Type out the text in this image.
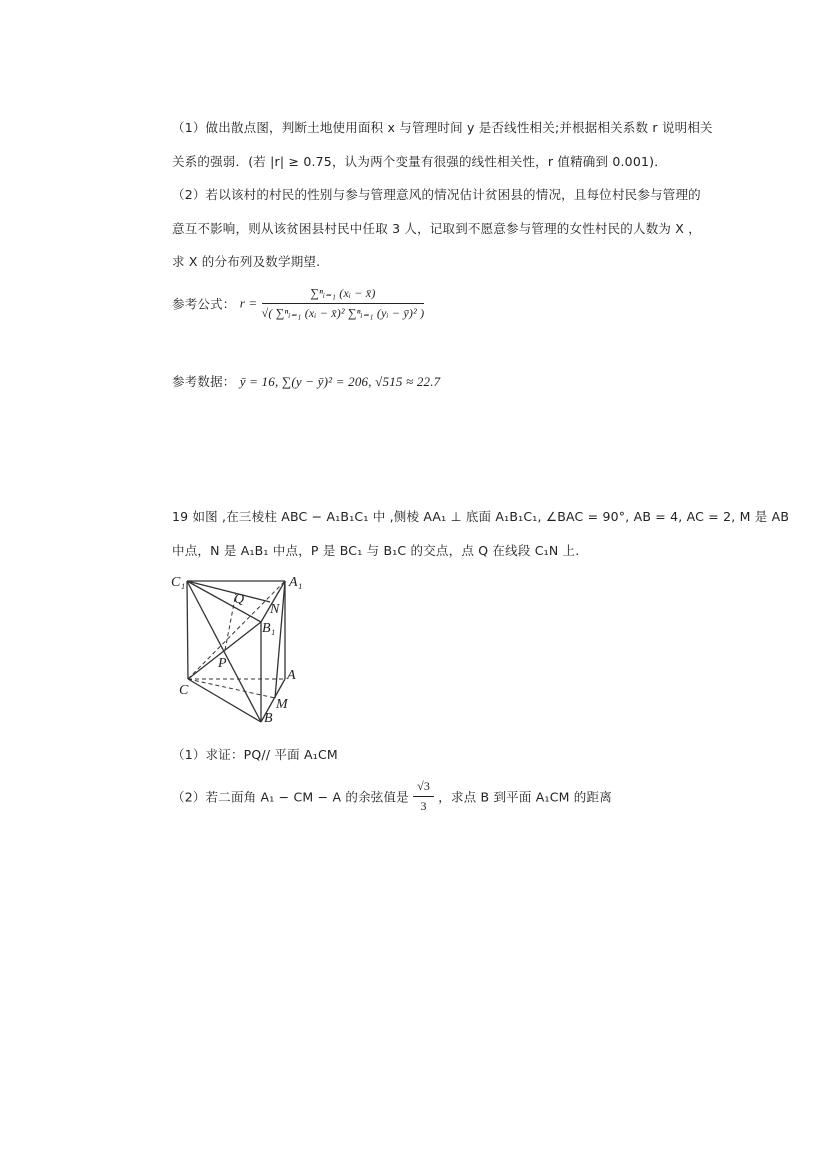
（1）做出散点图，判断土地使用面积 x 与管理时间 y 是否线性相关;并根据相关系数 r 说明相关
关系的强弱．(若 |r| ≥ 0.75，认为两个变量有很强的线性相关性，r 值精确到 0.001)．
（2）若以该村的村民的性别与参与管理意风的情况估计贫困县的情况，且每位村民参与管理的
意互不影响，则从该贫困县村民中任取 3 人，记取到不愿意参与管理的女性村民的人数为 X ，
求 X 的分布列及数学期望.
参考公式： $r = \frac{\text{∑ⁿᵢ₌₁ (xᵢ − x̄)}}{\text{√( ∑ⁿᵢ₌₁ (xᵢ − x̄)² ∑ⁿᵢ₌₁ (yᵢ − ȳ)² )}}$
参考数据： ȳ = 16, ∑(y − ȳ)² = 206, √515 ≈ 22.7
19 如图 ,在三棱柱 ABC − A₁B₁C₁ 中 ,侧棱 AA₁ ⊥ 底面 A₁B₁C₁, ∠BAC = 90°, AB = 4, AC = 2, M 是 AB
中点，N 是 A₁B₁ 中点，P 是 BC₁ 与 B₁C 的交点，点 Q 在线段 C₁N 上.
C₁	A₁
Q
N
B₁
P
A
C
M
B
（1）求证：PQ// 平面 A₁CM
（2）若二面角 A₁ − CM − A 的余弦值是 $\frac{√3}{3}$ ，求点 B 到平面 A₁CM 的距离
